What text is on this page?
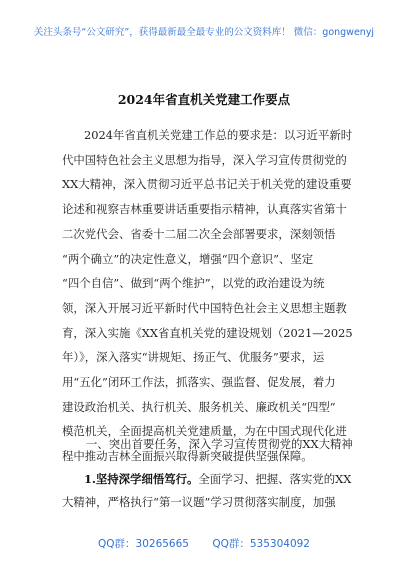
关注头条号“公文研究”，获得最新最全最专业的公文资料库！ 微信：gongwenyj
2024年省直机关党建工作要点
2024年省直机关党建工作总的要求是：以习近平新时
代中国特色社会主义思想为指导，深入学习宣传贯彻党的
XX大精神，深入贯彻习近平总书记关于机关党的建设重要
论述和视察吉林重要讲话重要指示精神，认真落实省第十
二次党代会、省委十二届二次全会部署要求，深刻领悟
“两个确立”的决定性意义，增强“四个意识”、坚定
“四个自信”、做到“两个维护”，以党的政治建设为统
领，深入开展习近平新时代中国特色社会主义思想主题教
育，深入实施《XX省直机关党的建设规划（2021—2025
年）》，深入落实“讲规矩、扬正气、优服务”要求，运
用“五化”闭环工作法，抓落实、强监督、促发展，着力
建设政治机关、执行机关、服务机关、廉政机关“四型”
模范机关，全面提高机关党建质量，为在中国式现代化进
程中推动吉林全面振兴取得新突破提供坚强保障。
一、突出首要任务，深入学习宣传贯彻党的XX大精神
1.坚持深学细悟笃行。全面学习、把握、落实党的XX
大精神，严格执行“第一议题”学习贯彻落实制度，加强
QQ群：30265665 QQ群：535304092
